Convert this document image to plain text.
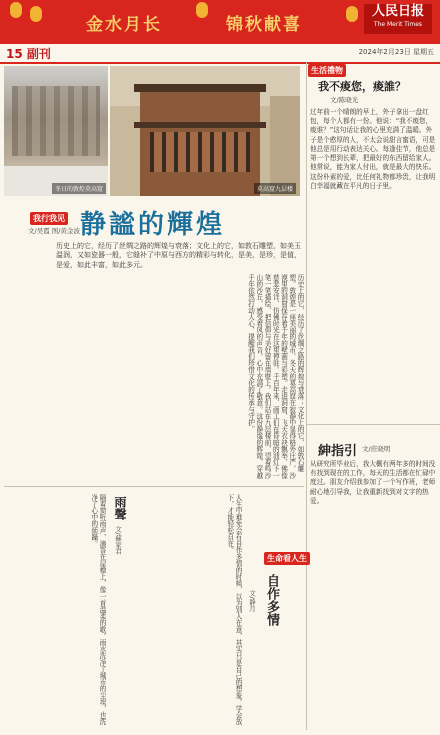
金水月长	锦秋献喜
人民日报
The Merit Times
15 副刊	2024年2月23日 星期五
冬日的敦煌莫高窟	莫高窟九层楼
我行我见
文/吴霞 图/黄金波 静謐的輝煌
历史上的它，经历了丝绸之路的辉煌与衰落；文化上的它，如敦石雕塑，如美玉温润，又如瓷器一般，它缝补了中原与西方的精彩与转化，是美，是珍，是值，是爱，如此丰富，如此多元。
历史上的它，经历了丝绸之路的辉煌与衰落；文化上的它，如敦石雕塑。敦煌是一座美丽的城市，冬天的莫高窟在寂静中显得格外庄严，沙漠里的洞窟保存着千年的壁画与彩塑。走进洞窟，飞天衣袂飘举，佛像慈悲安详，仿佛时光在这里停驻。千百年来，画工们在昏暗的油灯下一笔一笔描绘，把信仰与美好留在墙壁上。我们站在九层楼前，望着鸣沙山的沙丘，感受着风的声音，心中充满了敬意。这份静谧的辉煌，穿越千年依然打动人心，提醒我们珍惜文化的传承与守护。
生活禮物
我不痠您，痠誰？
文/陈晓光
过年前一个晴朗的早上，外子拿出一盘红包，每个人都有一份。他说：“我不痠您，痠谁？”这句话让我的心里充满了温暖。外子是个憨厚的人，不太会说甜言蜜语，可是他总是用行动表达关心。每逢佳节，他总是第一个想到长辈，把最好的东西留给家人。他常说，能为家人付出，就是最大的快乐。这份朴素的爱，比任何礼物都珍贵，让我明白幸福就藏在平凡的日子里。
紳指引 文/莊晓明
从研究所毕业后，我大概有两年多的时间没有找到现在的工作，每天的生活都在忙碌中度过。朋友介绍我参加了一个写作班，老师耐心地引导我，让我重新找到对文字的热爱。
雨聲
文/蘇家君
隔着窗听雨声，滴答在屋檐上，像一首温柔的歌。雨水洗净了城市的尘埃，也洗净了心中的烦躁。
生命看人生
自作多情
文/静月
人生中难免会有自作多情的时候，以为别人在意，其实只是自己的想象。学会放下，才能轻松自在。
